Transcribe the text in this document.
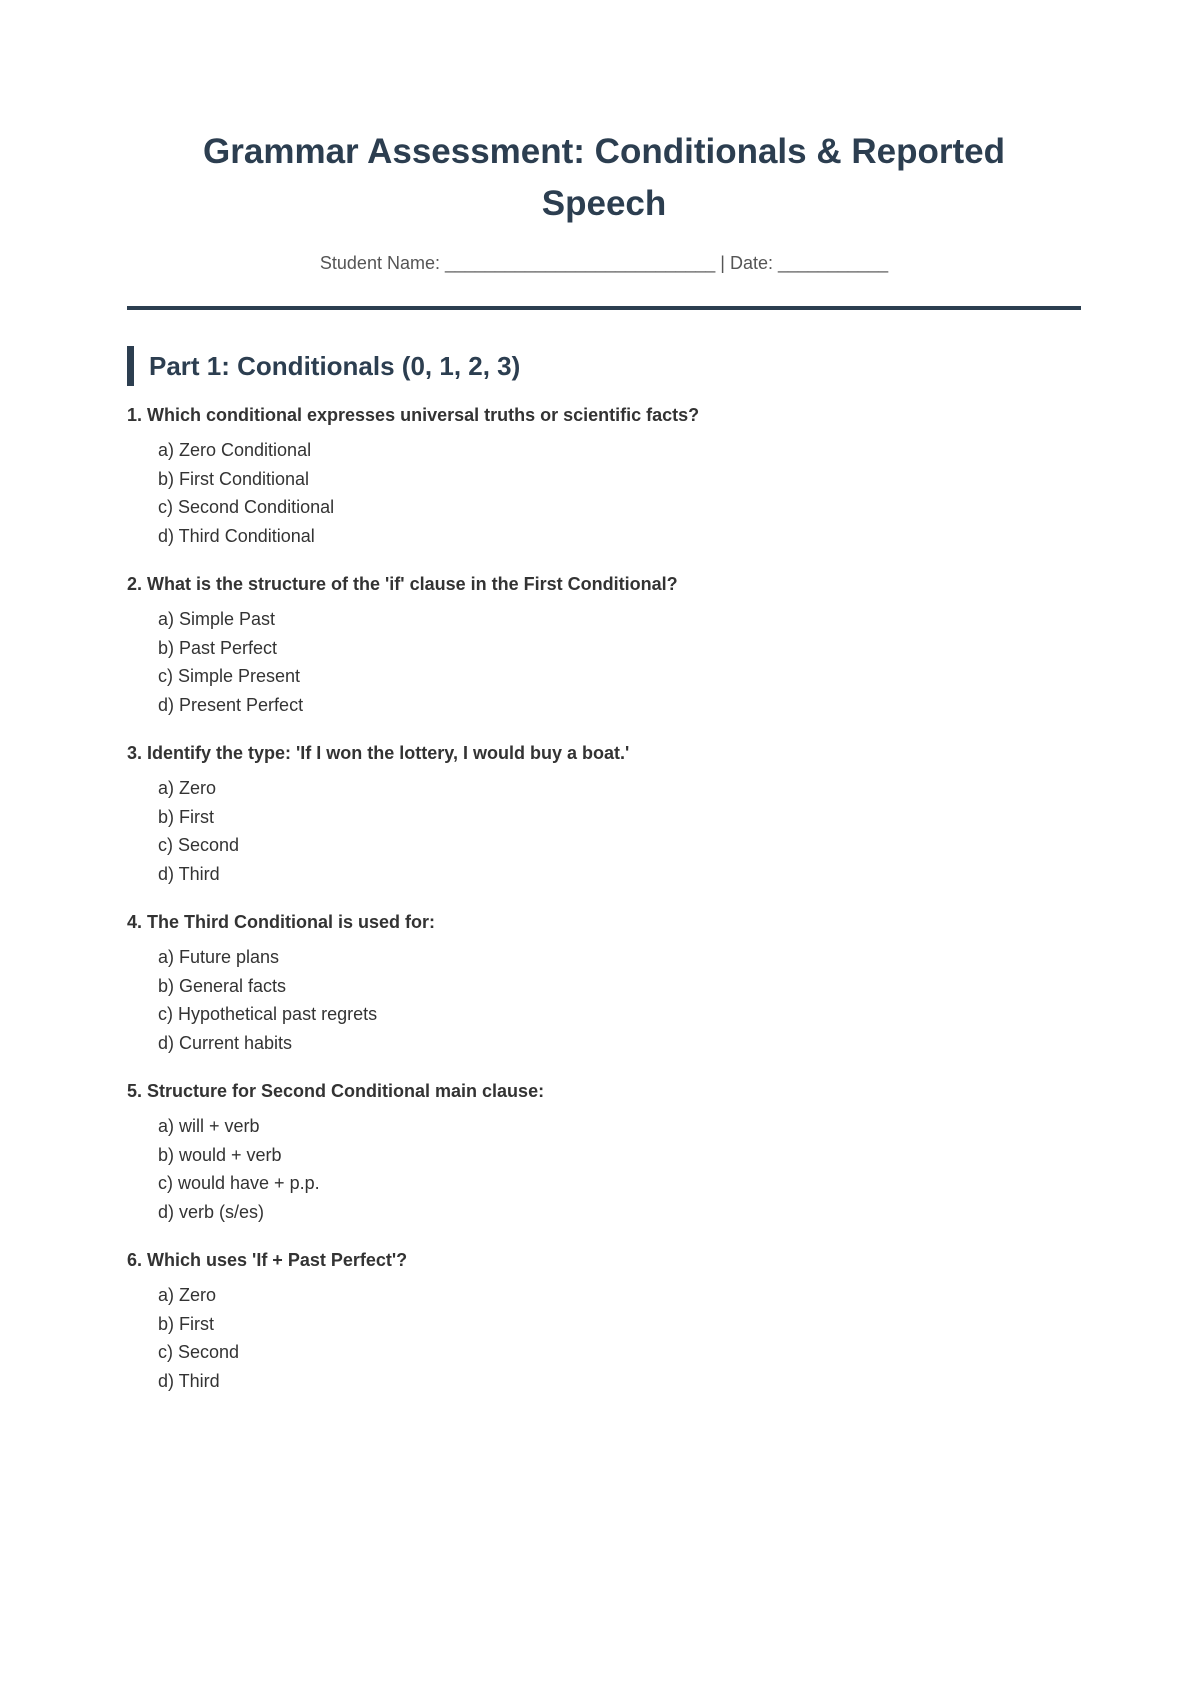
Grammar Assessment: Conditionals & Reported Speech
Student Name: ___________________________ | Date: ___________
Part 1: Conditionals (0, 1, 2, 3)
1. Which conditional expresses universal truths or scientific facts?
a) Zero Conditional
b) First Conditional
c) Second Conditional
d) Third Conditional
2. What is the structure of the 'if' clause in the First Conditional?
a) Simple Past
b) Past Perfect
c) Simple Present
d) Present Perfect
3. Identify the type: 'If I won the lottery, I would buy a boat.'
a) Zero
b) First
c) Second
d) Third
4. The Third Conditional is used for:
a) Future plans
b) General facts
c) Hypothetical past regrets
d) Current habits
5. Structure for Second Conditional main clause:
a) will + verb
b) would + verb
c) would have + p.p.
d) verb (s/es)
6. Which uses 'If + Past Perfect'?
a) Zero
b) First
c) Second
d) Third
